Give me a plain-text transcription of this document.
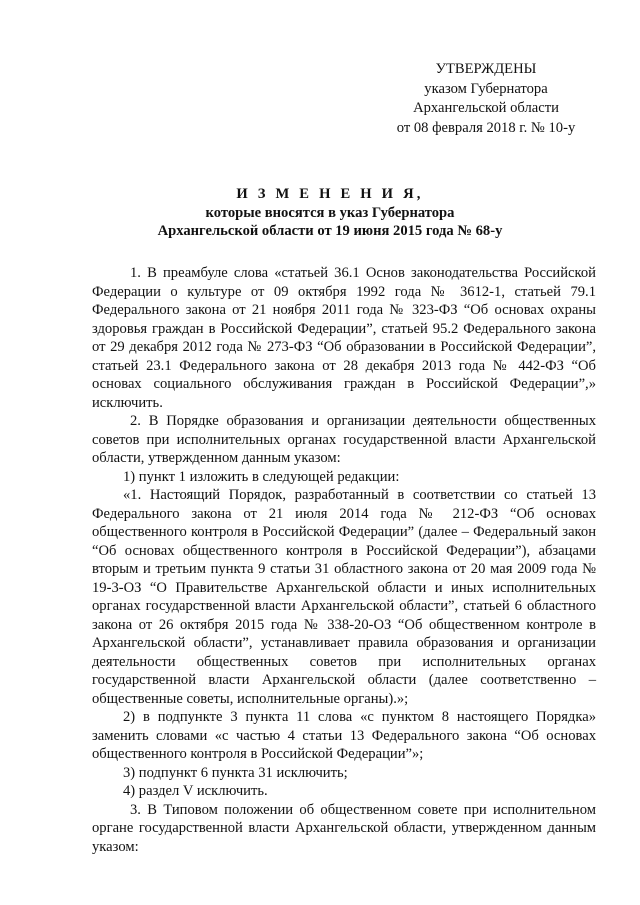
УТВЕРЖДЕНЫ
указом Губернатора
Архангельской области
от 08 февраля 2018 г. № 10-у
И З М Е Н Е Н И Я,
которые вносятся в указ Губернатора
Архангельской области от 19 июня 2015 года № 68-у

1. В преамбуле слова «статьей 36.1 Основ законодательства Российской Федерации о культуре от 09 октября 1992 года № 3612-1, статьей 79.1 Федерального закона от 21 ноября 2011 года № 323-ФЗ “Об основах охраны здоровья граждан в Российской Федерации”, статьей 95.2 Федерального закона от 29 декабря 2012 года № 273-ФЗ “Об образовании в Российской Федерации”, статьей 23.1 Федерального закона от 28 декабря 2013 года № 442-ФЗ “Об основах социального обслуживания граждан в Российской Федерации”,» исключить.

2. В Порядке образования и организации деятельности общественных советов при исполнительных органах государственной власти Архангельской области, утвержденном данным указом:

1) пункт 1 изложить в следующей редакции:

«1. Настоящий Порядок, разработанный в соответствии со статьей 13 Федерального закона от 21 июля 2014 года № 212-ФЗ “Об основах общественного контроля в Российской Федерации” (далее – Федеральный закон “Об основах общественного контроля в Российской Федерации”), абзацами вторым и третьим пункта 9 статьи 31 областного закона от 20 мая 2009 года № 19-3-ОЗ “О Правительстве Архангельской области и иных исполнительных органах государственной власти Архангельской области”, статьей 6 областного закона от 26 октября 2015 года № 338-20-ОЗ “Об общественном контроле в Архангельской области”, устанавливает правила образования и организации деятельности общественных советов при исполнительных органах государственной власти Архангельской области (далее соответственно – общественные советы, исполнительные органы).»;

2) в подпункте 3 пункта 11 слова «с пунктом 8 настоящего Порядка» заменить словами «с частью 4 статьи 13 Федерального закона “Об основах общественного контроля в Российской Федерации”»;

3) подпункт 6 пункта 31 исключить;

4) раздел V исключить.

3. В Типовом положении об общественном совете при исполнительном органе государственной власти Архангельской области, утвержденном данным указом:
